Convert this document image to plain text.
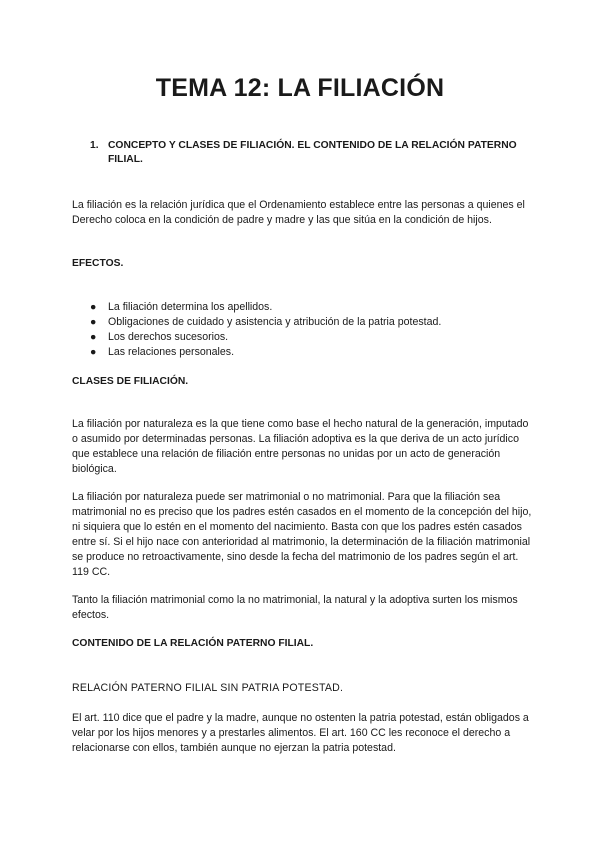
TEMA 12: LA FILIACIÓN
1. CONCEPTO Y CLASES DE FILIACIÓN. EL CONTENIDO DE LA RELACIÓN PATERNO FILIAL.

La filiación es la relación jurídica que el Ordenamiento establece entre las personas a quienes el Derecho coloca en la condición de padre y madre y las que sitúa en la condición de hijos.

EFECTOS.

● La filiación determina los apellidos.
● Obligaciones de cuidado y asistencia y atribución de la patria potestad.
● Los derechos sucesorios.
● Las relaciones personales.

CLASES DE FILIACIÓN.

La filiación por naturaleza es la que tiene como base el hecho natural de la generación, imputado o asumido por determinadas personas. La filiación adoptiva es la que deriva de un acto jurídico que establece una relación de filiación entre personas no unidas por un acto de generación biológica.

La filiación por naturaleza puede ser matrimonial o no matrimonial. Para que la filiación sea matrimonial no es preciso que los padres estén casados en el momento de la concepción del hijo, ni siquiera que lo estén en el momento del nacimiento. Basta con que los padres estén casados entre sí. Si el hijo nace con anterioridad al matrimonio, la determinación de la filiación matrimonial se produce no retroactivamente, sino desde la fecha del matrimonio de los padres según el art. 119 CC.

Tanto la filiación matrimonial como la no matrimonial, la natural y la adoptiva surten los mismos efectos.

CONTENIDO DE LA RELACIÓN PATERNO FILIAL.

RELACIÓN PATERNO FILIAL SIN PATRIA POTESTAD.

El art. 110 dice que el padre y la madre, aunque no ostenten la patria potestad, están obligados a velar por los hijos menores y a prestarles alimentos. El art. 160 CC les reconoce el derecho a relacionarse con ellos, también aunque no ejerzan la patria potestad.
